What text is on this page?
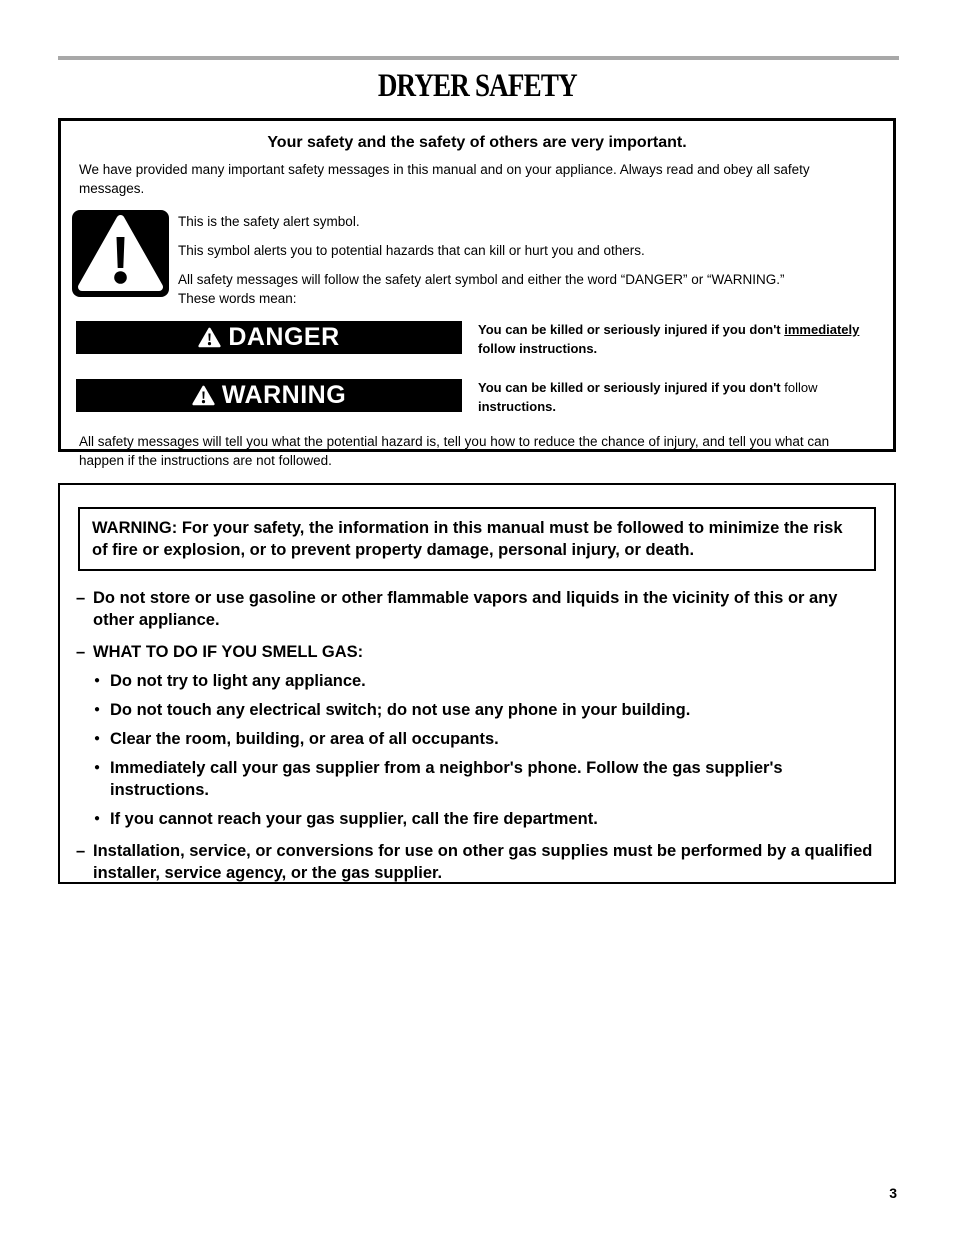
DRYER SAFETY
Your safety and the safety of others are very important.

We have provided many important safety messages in this manual and on your appliance. Always read and obey all safety messages.

This is the safety alert symbol.

This symbol alerts you to potential hazards that can kill or hurt you and others.

All safety messages will follow the safety alert symbol and either the word “DANGER” or “WARNING.” These words mean:

DANGER	You can be killed or seriously injured if you don't immediately follow instructions.

WARNING	You can be killed or seriously injured if you don't follow instructions.

All safety messages will tell you what the potential hazard is, tell you how to reduce the chance of injury, and tell you what can happen if the instructions are not followed.

WARNING: For your safety, the information in this manual must be followed to minimize the risk of fire or explosion, or to prevent property damage, personal injury, or death.
– Do not store or use gasoline or other flammable vapors and liquids in the vicinity of this or any other appliance.

– WHAT TO DO IF YOU SMELL GAS:

● Do not try to light any appliance.

● Do not touch any electrical switch; do not use any phone in your building.

● Clear the room, building, or area of all occupants.

● Immediately call your gas supplier from a neighbor's phone. Follow the gas supplier's instructions.

● If you cannot reach your gas supplier, call the fire department.

– Installation, service, or conversions for use on other gas supplies must be performed by a qualified installer, service agency, or the gas supplier.

3
